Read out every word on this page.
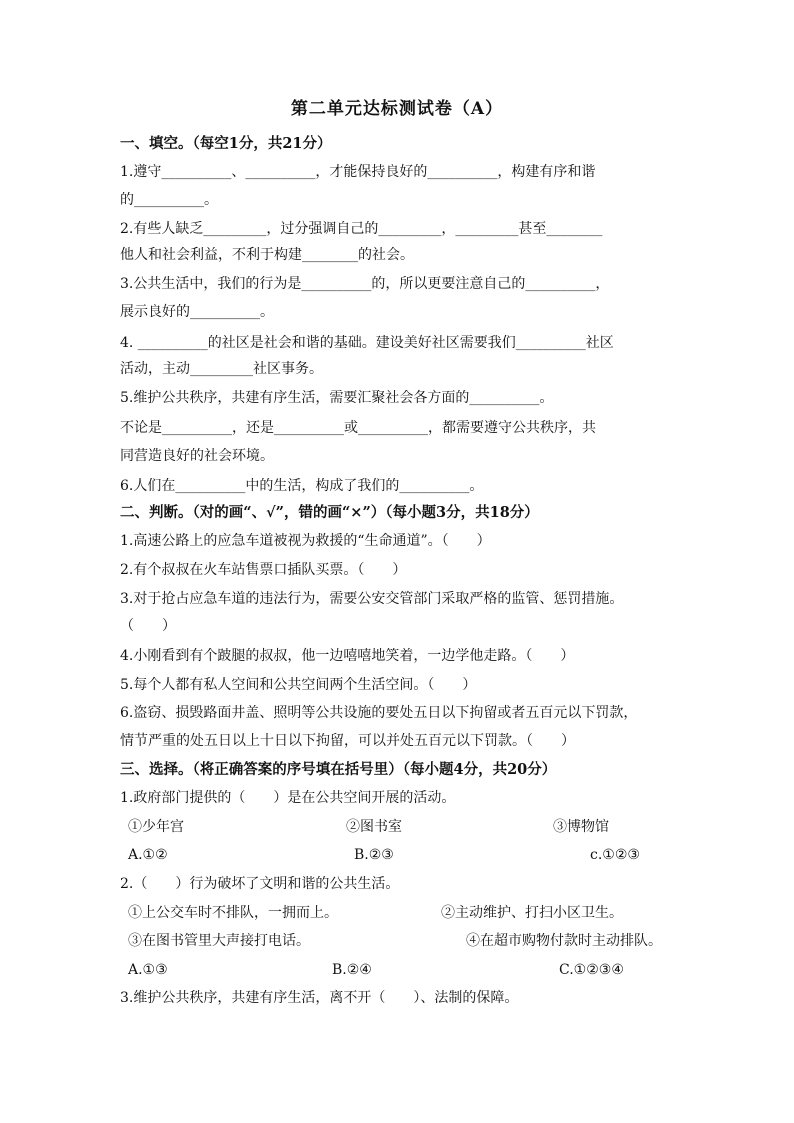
第二单元达标测试卷（A）
一、填空。（每空1分，共21分）
1.遵守__________、__________，才能保持良好的__________，构建有序和谐
的__________。
2.有些人缺乏_________，过分强调自己的_________，_________甚至________
他人和社会利益，不利于构建________的社会。
3.公共生活中，我们的行为是__________的，所以更要注意自己的__________，
展示良好的__________。
4. __________的社区是社会和谐的基础。建设美好社区需要我们__________社区
活动，主动_________社区事务。
5.维护公共秩序，共建有序生活，需要汇聚社会各方面的__________。
不论是__________，还是__________或__________，都需要遵守公共秩序，共
同营造良好的社会环境。
6.人们在__________中的生活，构成了我们的__________。
二、判断。（对的画“、√”，错的画“×”）（每小题3分，共18分）
1.高速公路上的应急车道被视为救援的“生命通道”。（　　）
2.有个叔叔在火车站售票口插队买票。（　　）
3.对于抢占应急车道的违法行为，需要公安交管部门采取严格的监管、惩罚措施。
（　　）
4.小刚看到有个跛腿的叔叔，他一边嘻嘻地笑着，一边学他走路。（　　）
5.每个人都有私人空间和公共空间两个生活空间。（　　）
6.盗窃、损毁路面井盖、照明等公共设施的要处五日以下拘留或者五百元以下罚款，
情节严重的处五日以上十日以下拘留，可以并处五百元以下罚款。（　　）
三、选择。（将正确答案的序号填在括号里）（每小题4分，共20分）
1.政府部门提供的（　　）是在公共空间开展的活动。
①少年宫	②图书室	③博物馆
A.①②	B.②③	c.①②③
2.（　　）行为破坏了文明和谐的公共生活。
①上公交车时不排队，一拥而上。	②主动维护、打扫小区卫生。
③在图书管里大声接打电话。	④在超市购物付款时主动排队。
A.①③	B.②④	C.①②③④
3.维护公共秩序，共建有序生活，离不开（　　）、法制的保障。
